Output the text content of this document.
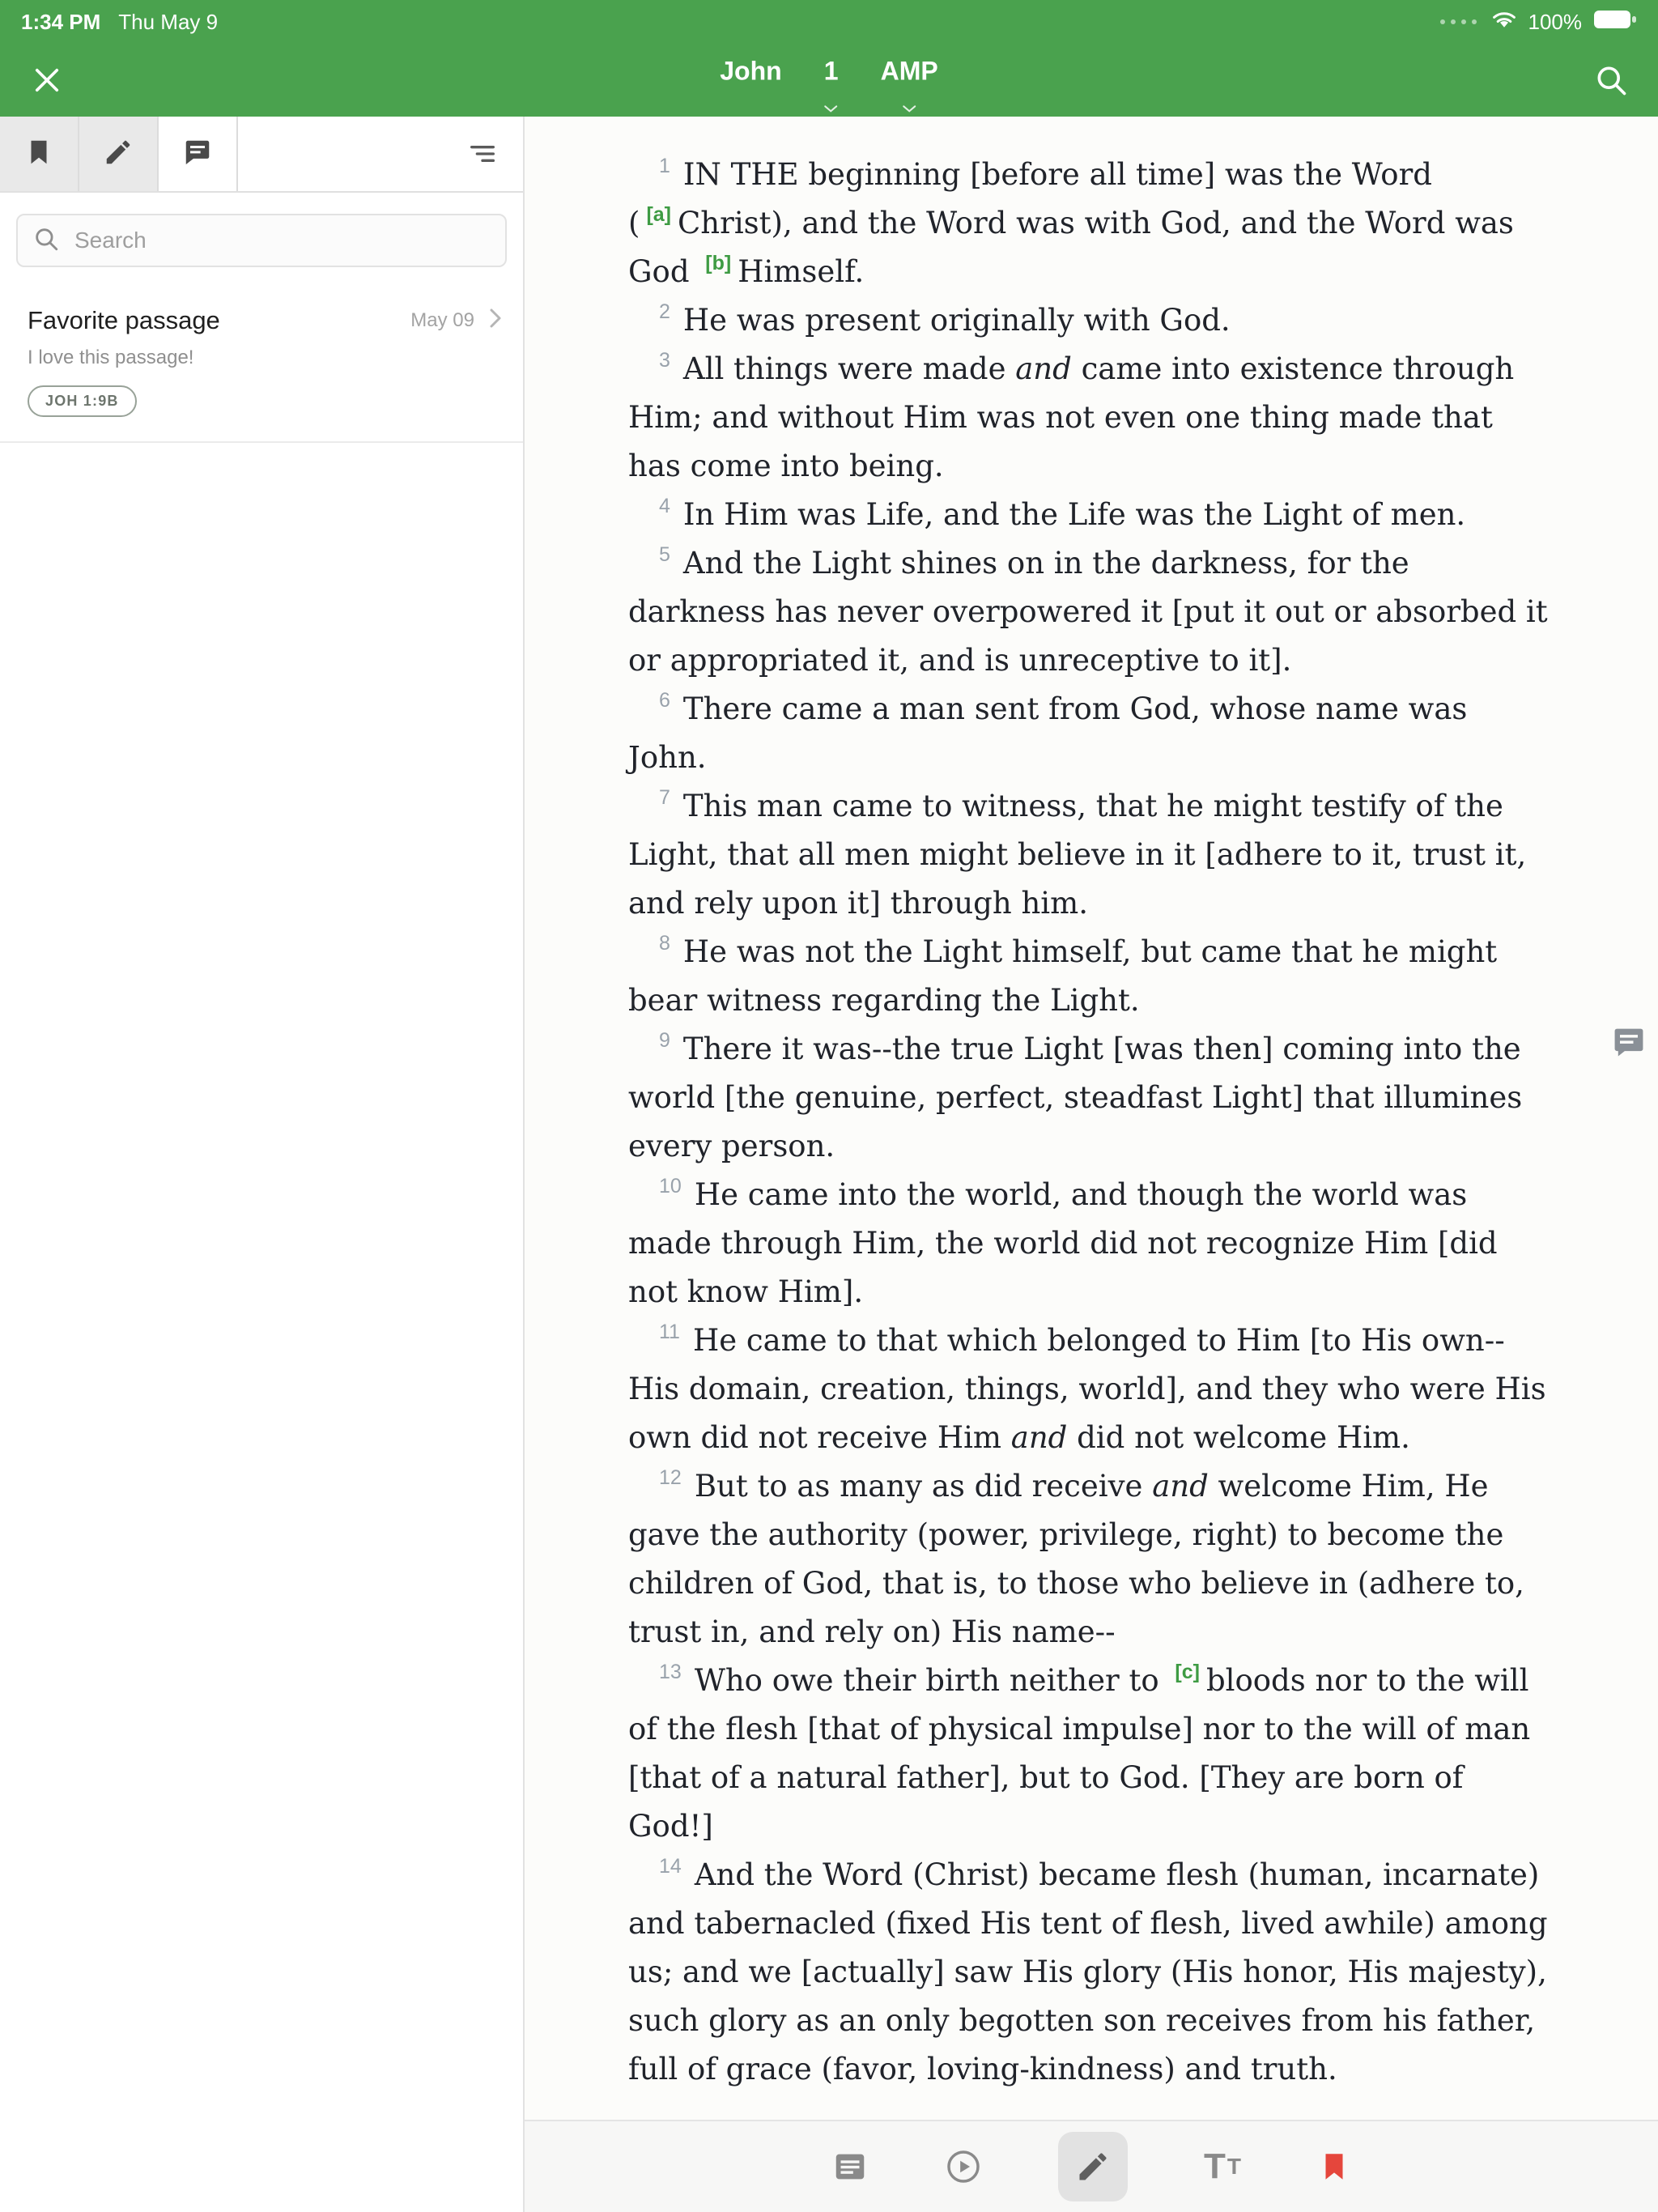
1:34 PM Thu May 9	100%
John 1 AMP
Search
Favorite passage	May 09
I love this passage!
JOH 1:9B

$^1$ IN THE beginning [before all time] was the Word ( [a] Christ), and the Word was with God, and the Word was God [b] Himself.

$^2$ He was present originally with God.

$^3$ All things were made and came into existence through Him; and without Him was not even one thing made that has come into being.

$^4$ In Him was Life, and the Life was the Light of men.

$^5$ And the Light shines on in the darkness, for the darkness has never overpowered it [put it out or absorbed it or appropriated it, and is unreceptive to it].

$^6$ There came a man sent from God, whose name was John.

$^7$ This man came to witness, that he might testify of the Light, that all men might believe in it [adhere to it, trust it, and rely upon it] through him.

$^8$ He was not the Light himself, but came that he might bear witness regarding the Light.

$^9$ There it was--the true Light [was then] coming into the world [the genuine, perfect, steadfast Light] that illumines every person.

$^{10}$ He came into the world, and though the world was made through Him, the world did not recognize Him [did not know Him].

$^{11}$ He came to that which belonged to Him [to His own--His domain, creation, things, world], and they who were His own did not receive Him and did not welcome Him.

$^{12}$ But to as many as did receive and welcome Him, He gave the authority (power, privilege, right) to become the children of God, that is, to those who believe in (adhere to, trust in, and rely on) His name--

$^{13}$ Who owe their birth neither to [c] bloods nor to the will of the flesh [that of physical impulse] nor to the will of man [that of a natural father], but to God. [They are born of God!]

$^{14}$ And the Word (Christ) became flesh (human, incarnate) and tabernacled (fixed His tent of flesh, lived awhile) among us; and we [actually] saw His glory (His honor, His majesty), such glory as an only begotten son receives from his father, full of grace (favor, loving-kindness) and truth.

T T
